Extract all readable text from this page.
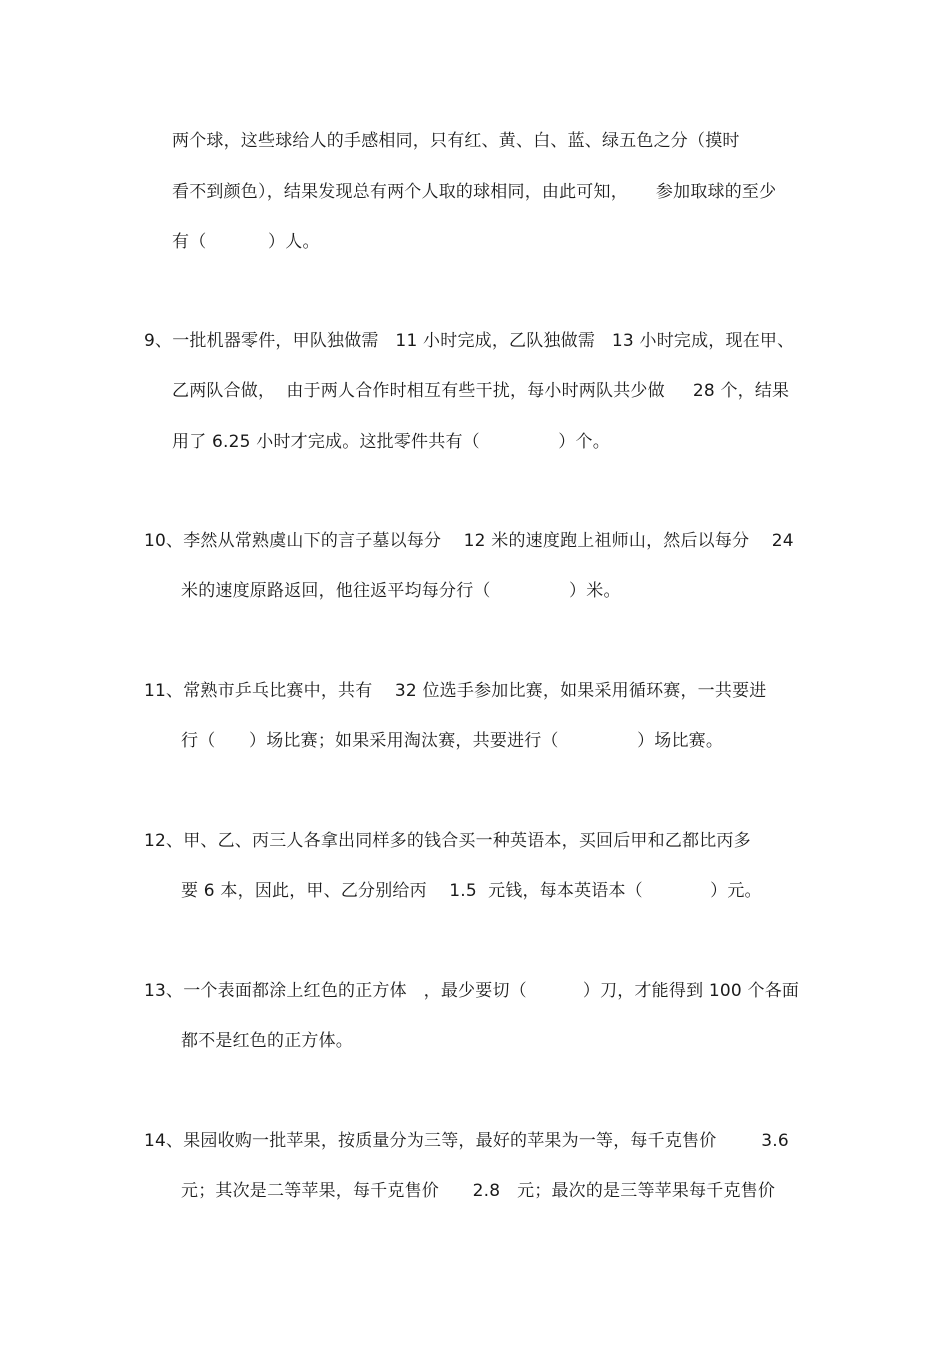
两个球，这些球给人的手感相同，只有红、黄、白、蓝、绿五色之分（摸时
看不到颜色），结果发现总有两个人取的球相同，由此可知，     参加取球的至少
有（           ）人。
9、一批机器零件，甲队独做需   11 小时完成，乙队独做需   13 小时完成，现在甲、
乙两队合做，  由于两人合作时相互有些干扰，每小时两队共少做     28 个，结果
用了 6.25 小时才完成。这批零件共有（              ）个。
10、李然从常熟虞山下的言子墓以每分    12 米的速度跑上祖师山，然后以每分    24
米的速度原路返回，他往返平均每分行（              ）米。
11、常熟市乒乓比赛中，共有    32 位选手参加比赛，如果采用循环赛，一共要进
行（      ）场比赛；如果采用淘汰赛，共要进行（              ）场比赛。
12、甲、乙、丙三人各拿出同样多的钱合买一种英语本，买回后甲和乙都比丙多
要 6 本，因此，甲、乙分别给丙    1.5  元钱，每本英语本（            ）元。
13、一个表面都涂上红色的正方体   ，最少要切（          ）刀，才能得到 100 个各面
都不是红色的正方体。
14、果园收购一批苹果，按质量分为三等，最好的苹果为一等，每千克售价        3.6
元；其次是二等苹果，每千克售价      2.8   元；最次的是三等苹果每千克售价
